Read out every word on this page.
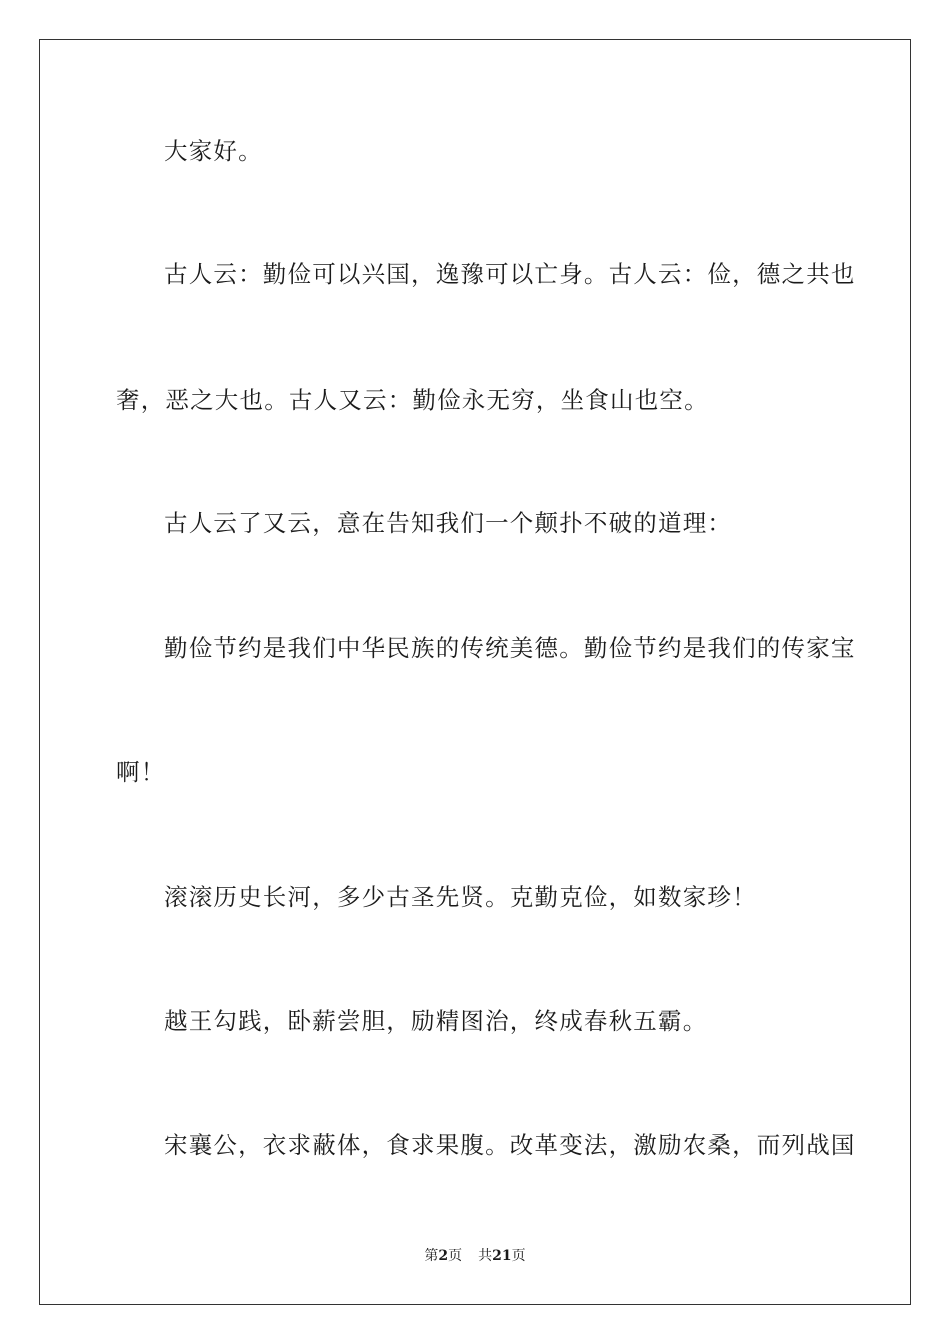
大家好。
古人云：勤俭可以兴国，逸豫可以亡身。古人云：俭，德之共也
奢，恶之大也。古人又云：勤俭永无穷，坐食山也空。
古人云了又云，意在告知我们一个颠扑不破的道理：
勤俭节约是我们中华民族的传统美德。勤俭节约是我们的传家宝
啊！
滚滚历史长河，多少古圣先贤。克勤克俭，如数家珍！
越王勾践，卧薪尝胆，励精图治，终成春秋五霸。
宋襄公，衣求蔽体，食求果腹。改革变法，激励农桑，而列战国
第2页 共21页
